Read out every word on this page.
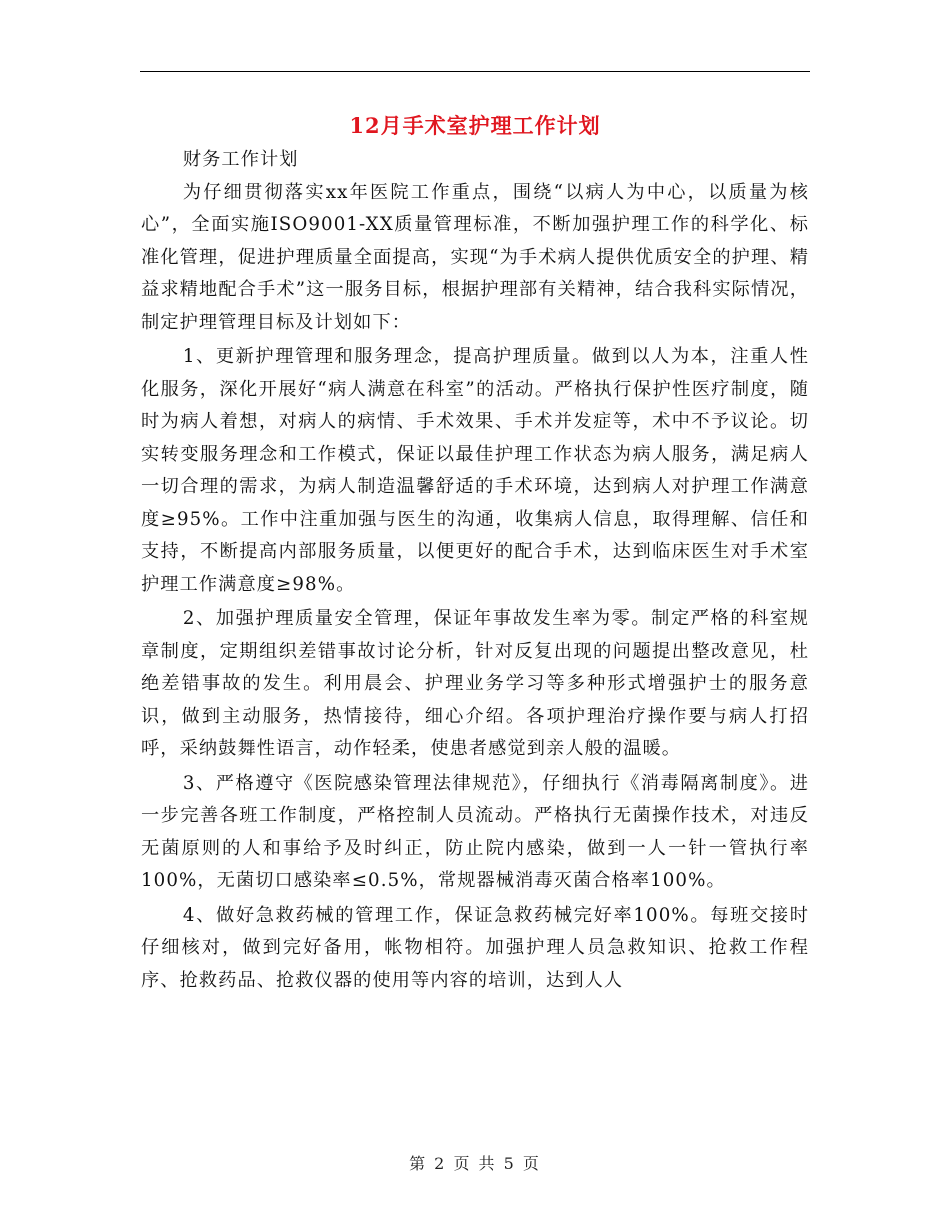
12月手术室护理工作计划

财务工作计划

为仔细贯彻落实xx年医院工作重点，围绕“以病人为中心，以质量为核心”，全面实施ISO9001-XX质量管理标准，不断加强护理工作的科学化、标准化管理，促进护理质量全面提高，实现“为手术病人提供优质安全的护理、精益求精地配合手术”这一服务目标，根据护理部有关精神，结合我科实际情况，制定护理管理目标及计划如下：

1、更新护理管理和服务理念，提高护理质量。做到以人为本，注重人性化服务，深化开展好“病人满意在科室”的活动。严格执行保护性医疗制度，随时为病人着想，对病人的病情、手术效果、手术并发症等，术中不予议论。切实转变服务理念和工作模式，保证以最佳护理工作状态为病人服务，满足病人一切合理的需求，为病人制造温馨舒适的手术环境，达到病人对护理工作满意度≥95%。工作中注重加强与医生的沟通，收集病人信息，取得理解、信任和支持，不断提高内部服务质量，以便更好的配合手术，达到临床医生对手术室护理工作满意度≥98%。

2、加强护理质量安全管理，保证年事故发生率为零。制定严格的科室规章制度，定期组织差错事故讨论分析，针对反复出现的问题提出整改意见，杜绝差错事故的发生。利用晨会、护理业务学习等多种形式增强护士的服务意识，做到主动服务，热情接待，细心介绍。各项护理治疗操作要与病人打招呼，采纳鼓舞性语言，动作轻柔，使患者感觉到亲人般的温暖。

3、严格遵守《医院感染管理法律规范》，仔细执行《消毒隔离制度》。进一步完善各班工作制度，严格控制人员流动。严格执行无菌操作技术，对违反无菌原则的人和事给予及时纠正，防止院内感染，做到一人一针一管执行率100%，无菌切口感染率≤0.5%，常规器械消毒灭菌合格率100%。

4、做好急救药械的管理工作，保证急救药械完好率100%。每班交接时仔细核对，做到完好备用，帐物相符。加强护理人员急救知识、抢救工作程序、抢救药品、抢救仪器的使用等内容的培训，达到人人

第 2 页 共 5 页
